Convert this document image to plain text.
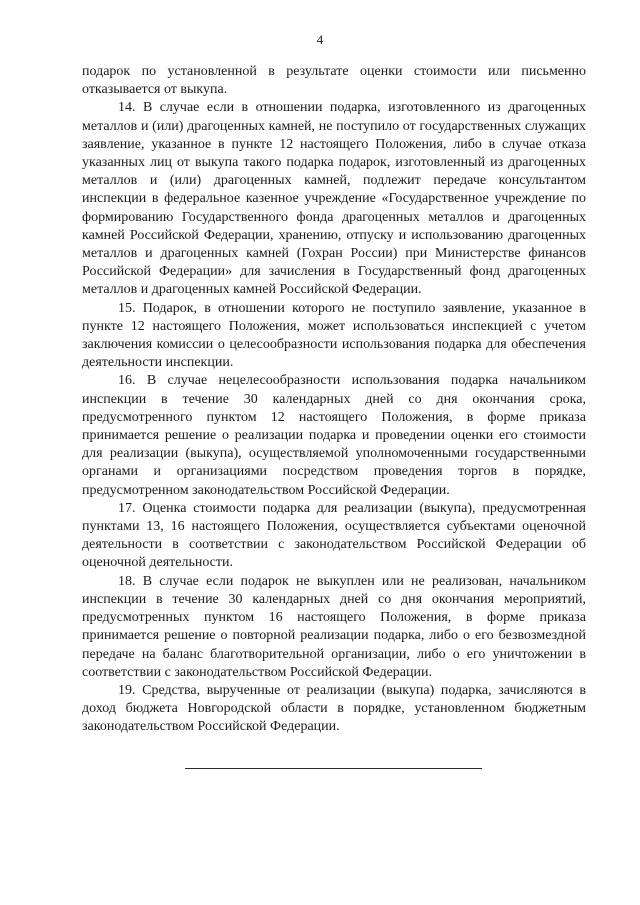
4

подарок по установленной в результате оценки стоимости или письменно отказывается от выкупа.

14. В случае если в отношении подарка, изготовленного из драгоценных металлов и (или) драгоценных камней, не поступило от государственных служащих заявление, указанное в пункте 12 настоящего Положения, либо в случае отказа указанных лиц от выкупа такого подарка подарок, изготовленный из драгоценных металлов и (или) драгоценных камней, подлежит передаче консультантом инспекции в федеральное казенное учреждение «Государственное учреждение по формированию Государственного фонда драгоценных металлов и драгоценных камней Российской Федерации, хранению, отпуску и использованию драгоценных металлов и драгоценных камней (Гохран России) при Министерстве финансов Российской Федерации» для зачисления в Государственный фонд драгоценных металлов и драгоценных камней Российской Федерации.

15. Подарок, в отношении которого не поступило заявление, указанное в пункте 12 настоящего Положения, может использоваться инспекцией с учетом заключения комиссии о целесообразности использования подарка для обеспечения деятельности инспекции.

16. В случае нецелесообразности использования подарка начальником инспекции в течение 30 календарных дней со дня окончания срока, предусмотренного пунктом 12 настоящего Положения, в форме приказа принимается решение о реализации подарка и проведении оценки его стоимости для реализации (выкупа), осуществляемой уполномоченными государственными органами и организациями посредством проведения торгов в порядке, предусмотренном законодательством Российской Федерации.

17. Оценка стоимости подарка для реализации (выкупа), предусмотренная пунктами 13, 16 настоящего Положения, осуществляется субъектами оценочной деятельности в соответствии с законодательством Российской Федерации об оценочной деятельности.

18. В случае если подарок не выкуплен или не реализован, начальником инспекции в течение 30 календарных дней со дня окончания мероприятий, предусмотренных пунктом 16 настоящего Положения, в форме приказа принимается решение о повторной реализации подарка, либо о его безвозмездной передаче на баланс благотворительной организации, либо о его уничтожении в соответствии с законодательством Российской Федерации.

19. Средства, вырученные от реализации (выкупа) подарка, зачисляются в доход бюджета Новгородской области в порядке, установленном бюджетным законодательством Российской Федерации.
